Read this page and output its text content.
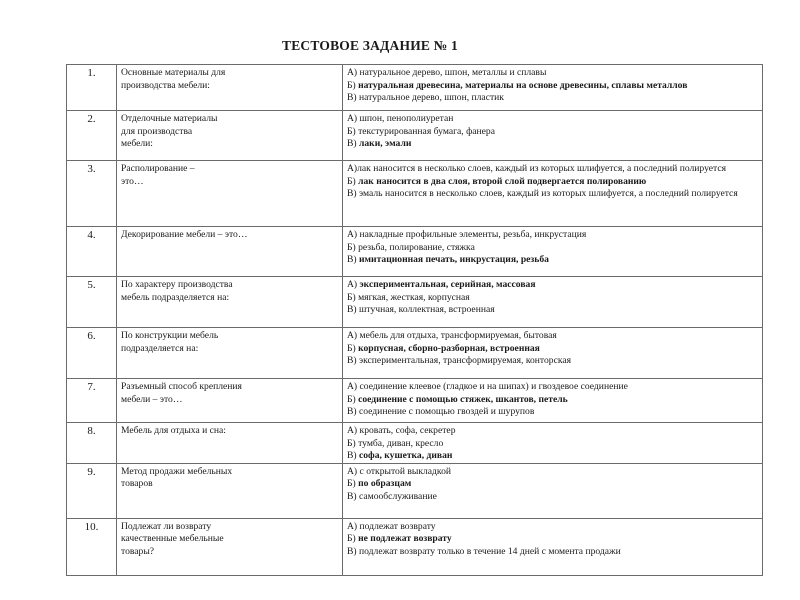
ТЕСТОВОЕ ЗАДАНИЕ № 1
1.	Основные материалы для
производства мебели:	А) натуральное дерево, шпон, металлы и сплавы
Б) натуральная древесина, материалы на основе древесины, сплавы металлов
В) натуральное дерево, шпон, пластик

2.	Отделочные материалы
для производства
мебели:	А) шпон, пенополиуретан
Б) текстурированная бумага, фанера
В) лаки, эмали

3.	Располирование –
это…	А)лак наносится в несколько слоев, каждый из которых шлифуется, а последний полируется
Б) лак наносится в два слоя, второй слой подвергается полированию
В) эмаль наносится в несколько слоев, каждый из которых шлифуется, а последний полируется

4.	Декорирование мебели – это…	А) накладные профильные элементы, резьба, инкрустация
Б) резьба, полирование, стяжка
В) имитационная печать, инкрустация, резьба

5.	По характеру производства
мебель подразделяется на:	А) экспериментальная, серийная, массовая
Б) мягкая, жесткая, корпусная
В) штучная, коллектная, встроенная

6.	По конструкции мебель
подразделяется на:	А) мебель для отдыха, трансформируемая, бытовая
Б) корпусная, сборно-разборная, встроенная
В) экспериментальная, трансформируемая, конторская

7.	Разъемный способ крепления
мебели – это…	А) соединение клеевое (гладкое и на шипах) и гвоздевое соединение
Б) соединение с помощью стяжек, шкантов, петель
В) соединение с помощью гвоздей и шурупов

8.	Мебель для отдыха и сна:	А) кровать, софа, секретер
Б) тумба, диван, кресло
В) софа, кушетка, диван

9.	Метод продажи мебельных
товаров	А) с открытой выкладкой
Б) по образцам
В) самообслуживание

10.	Подлежат ли возврату
качественные мебельные
товары?	А) подлежат возврату
Б) не подлежат возврату
В) подлежат возврату только в течение 14 дней с момента продажи
